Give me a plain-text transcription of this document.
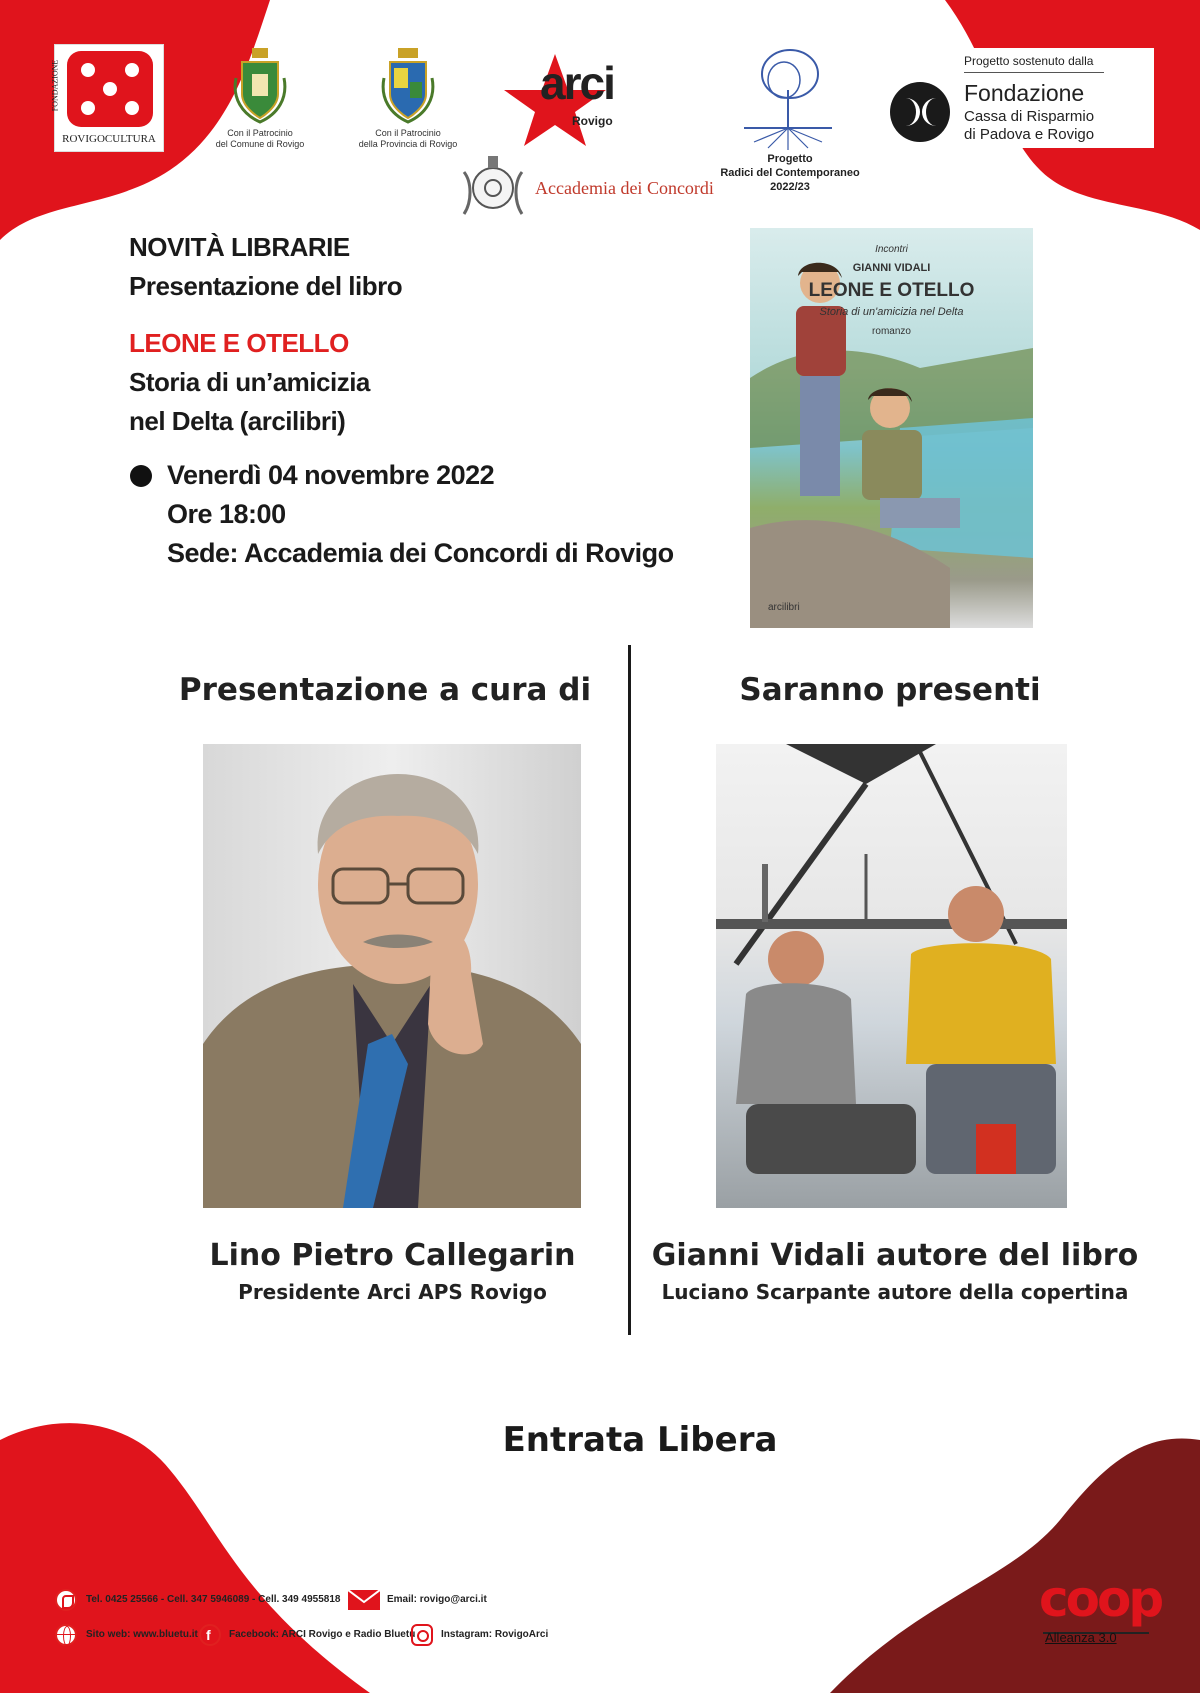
FONDAZIONE
ROVIGOCULTURA	Con il Patrocinio
del Comune di Rovigo
Con il Patrocinio
della Provincia di Rovigo
arci
Rovigo
Accademia dei Concordi
Progetto
Radici del Contemporaneo
2022/23
Progetto sostenuto dalla
Fondazione
Cassa di Risparmio
di Padova e Rovigo
NOVITÀ LIBRARIE
Presentazione del libro
LEONE E OTELLO
Storia di un’amicizia
nel Delta (arcilibri)
Venerdì 04 novembre 2022
Ore 18:00
Sede: Accademia dei Concordi di Rovigo
Incontri
GIANNI VIDALI
LEONE E OTELLO
Storia di un'amicizia nel Delta
romanzo
arcilibri
Presentazione a cura di
Lino Pietro Callegarin
Presidente Arci APS Rovigo
Saranno presenti
Gianni Vidali autore del libro
Luciano Scarpante autore della copertina
Entrata Libera
Tel. 0425 25566 - Cell. 347 5946089 - Cell. 349 4955818	Email: rovigo@arci.it
Sito web: www.bluetu.it f Facebook: ARCI Rovigo e Radio Bluetu	Instagram: RovigoArci
coop
Alleanza 3.0
